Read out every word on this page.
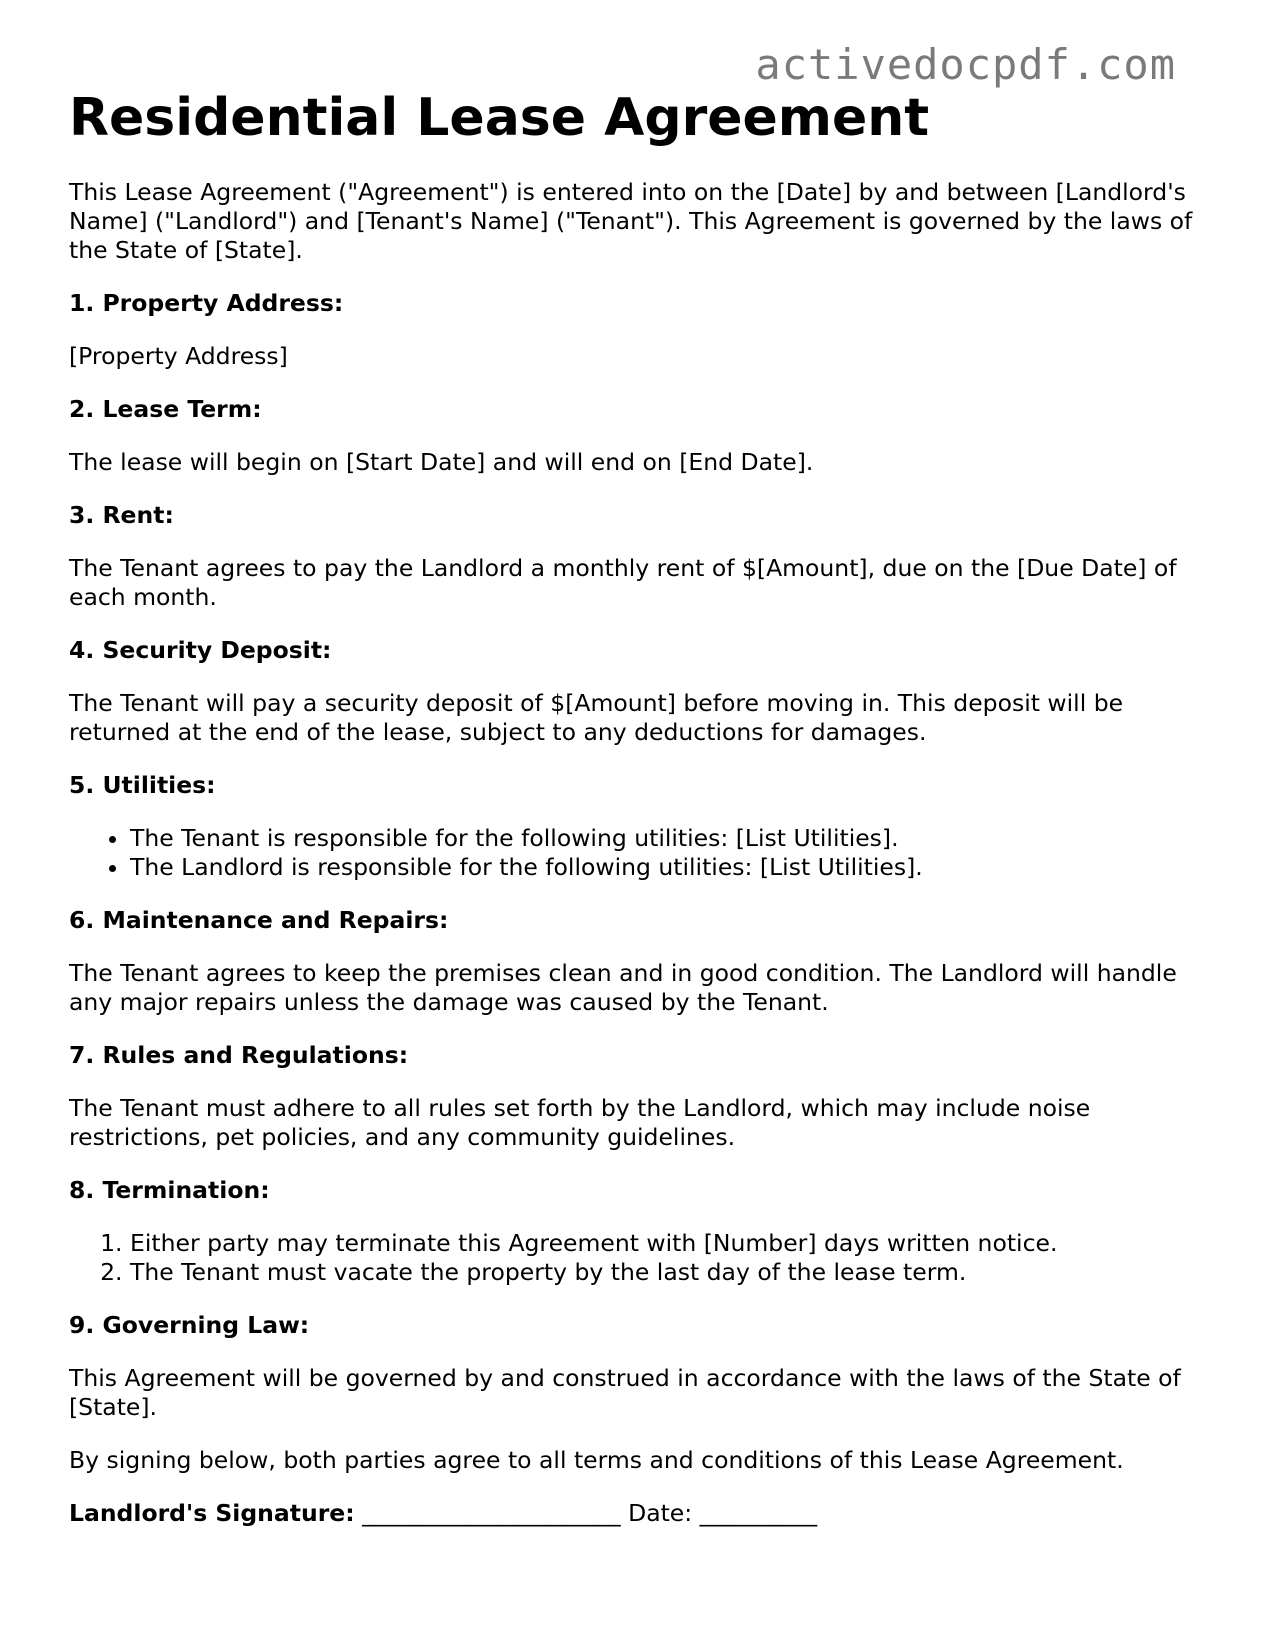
activedocpdf.com
Residential Lease Agreement

This Lease Agreement ("Agreement") is entered into on the [Date] by and between [Landlord's Name] ("Landlord") and [Tenant's Name] ("Tenant"). This Agreement is governed by the laws of the State of [State].

1. Property Address:

[Property Address]

2. Lease Term:

The lease will begin on [Start Date] and will end on [End Date].

3. Rent:

The Tenant agrees to pay the Landlord a monthly rent of $[Amount], due on the [Due Date] of each month.

4. Security Deposit:

The Tenant will pay a security deposit of $[Amount] before moving in. This deposit will be returned at the end of the lease, subject to any deductions for damages.

5. Utilities:

• The Tenant is responsible for the following utilities: [List Utilities].
• The Landlord is responsible for the following utilities: [List Utilities].

6. Maintenance and Repairs:

The Tenant agrees to keep the premises clean and in good condition. The Landlord will handle any major repairs unless the damage was caused by the Tenant.

7. Rules and Regulations:

The Tenant must adhere to all rules set forth by the Landlord, which may include noise restrictions, pet policies, and any community guidelines.

8. Termination:

1. Either party may terminate this Agreement with [Number] days written notice.
2. The Tenant must vacate the property by the last day of the lease term.

9. Governing Law:

This Agreement will be governed by and construed in accordance with the laws of the State of [State].

By signing below, both parties agree to all terms and conditions of this Lease Agreement.

Landlord's Signature: ______________________ Date: __________
